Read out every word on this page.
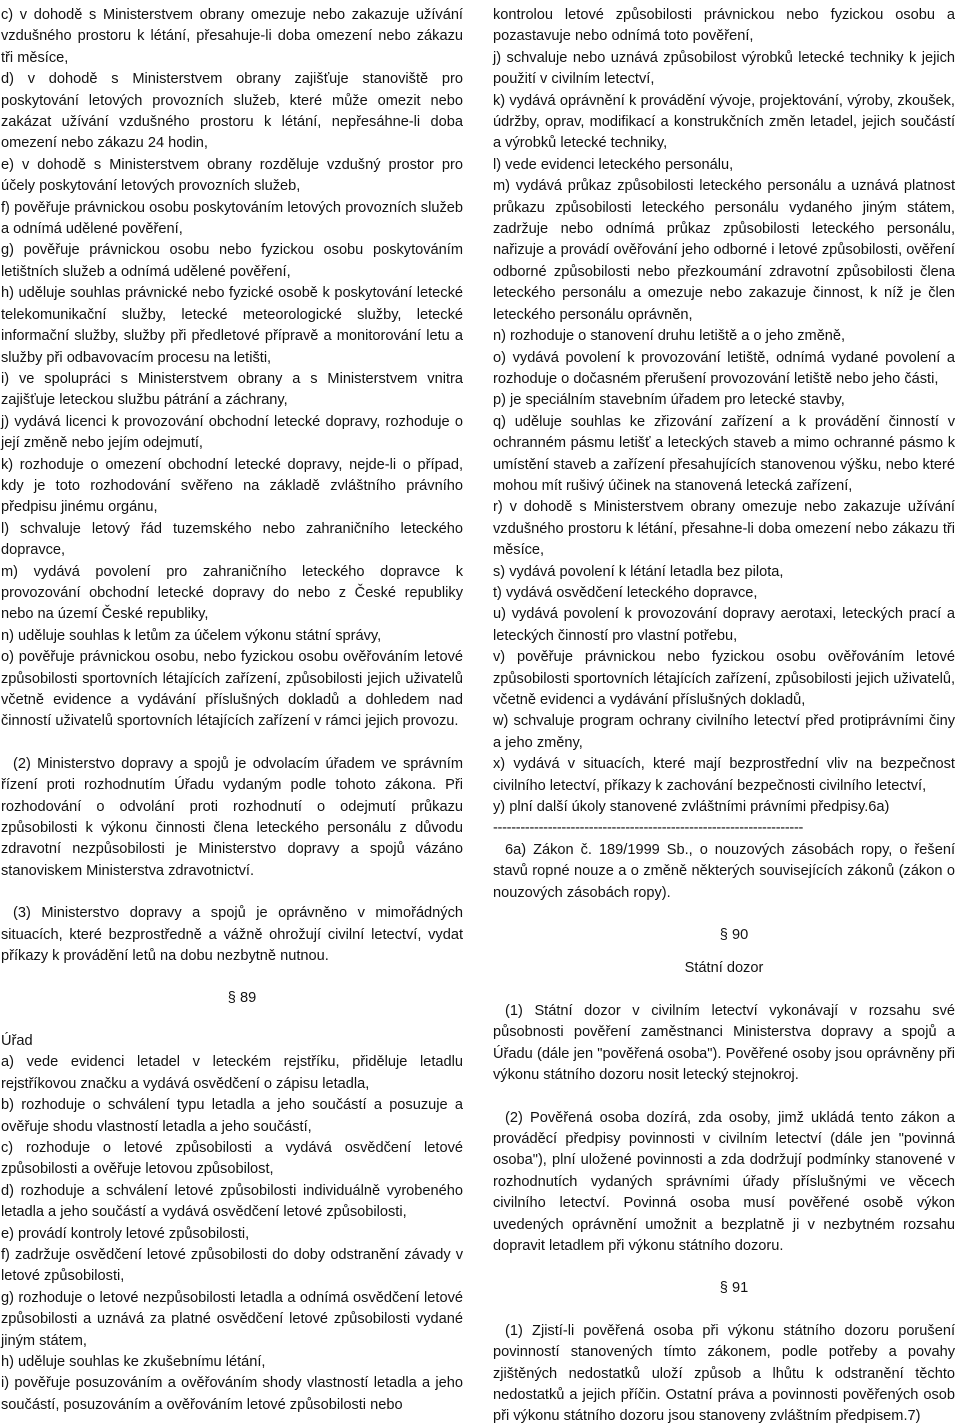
c) v dohodě s Ministerstvem obrany omezuje nebo zakazuje užívání vzdušného prostoru k létání, přesahuje-li doba omezení nebo zákazu tři měsíce,

d) v dohodě s Ministerstvem obrany zajišťuje stanoviště pro poskytování letových provozních služeb, které může omezit nebo zakázat užívání vzdušného prostoru k létání, nepřesáhne-li doba omezení nebo zákazu 24 hodin,

e) v dohodě s Ministerstvem obrany rozděluje vzdušný prostor pro účely poskytování letových provozních služeb,

f) pověřuje právnickou osobu poskytováním letových provozních služeb a odnímá udělené pověření,

g) pověřuje právnickou osobu nebo fyzickou osobu poskytováním letištních služeb a odnímá udělené pověření,

h) uděluje souhlas právnické nebo fyzické osobě k poskytování letecké telekomunikační služby, letecké meteorologické služby, letecké informační služby, služby při předletové přípravě a monitorování letu a služby při odbavovacím procesu na letišti,

i) ve spolupráci s Ministerstvem obrany a s Ministerstvem vnitra zajišťuje leteckou službu pátrání a záchrany,

j) vydává licenci k provozování obchodní letecké dopravy, rozhoduje o její změně nebo jejím odejmutí,

k) rozhoduje o omezení obchodní letecké dopravy, nejde-li o případ, kdy je toto rozhodování svěřeno na základě zvláštního právního předpisu jinému orgánu,

l) schvaluje letový řád tuzemského nebo zahraničního leteckého dopravce,

m) vydává povolení pro zahraničního leteckého dopravce k provozování obchodní letecké dopravy do nebo z České republiky nebo na území České republiky,

n) uděluje souhlas k letům za účelem výkonu státní správy,

o) pověřuje právnickou osobu, nebo fyzickou osobu ověřováním letové způsobilosti sportovních létajících zařízení, způsobilosti jejich uživatelů včetně evidence a vydávání příslušných dokladů a dohledem nad činností uživatelů sportovních létajících zařízení v rámci jejich provozu.

(2) Ministerstvo dopravy a spojů je odvolacím úřadem ve správním řízení proti rozhodnutím Úřadu vydaným podle tohoto zákona. Při rozhodování o odvolání proti rozhodnutí o odejmutí průkazu způsobilosti k výkonu činnosti člena leteckého personálu z důvodu zdravotní nezpůsobilosti je Ministerstvo dopravy a spojů vázáno stanoviskem Ministerstva zdravotnictví.

(3) Ministerstvo dopravy a spojů je oprávněno v mimořádných situacích, které bezprostředně a vážně ohrožují civilní letectví, vydat příkazy k provádění letů na dobu nezbytně nutnou.

§ 89

Úřad

a) vede evidenci letadel v leteckém rejstříku, přiděluje letadlu rejstříkovou značku a vydává osvědčení o zápisu letadla,

b) rozhoduje o schválení typu letadla a jeho součástí a posuzuje a ověřuje shodu vlastností letadla a jeho součástí,

c) rozhoduje o letové způsobilosti a vydává osvědčení letové způsobilosti a ověřuje letovou způsobilost,

d) rozhoduje a schválení letové způsobilosti individuálně vyrobeného letadla a jeho součástí a vydává osvědčení letové způsobilosti,

e) provádí kontroly letové způsobilosti,

f) zadržuje osvědčení letové způsobilosti do doby odstranění závady v letové způsobilosti,

g) rozhoduje o letové nezpůsobilosti letadla a odnímá osvědčení letové způsobilosti a uznává za platné osvědčení letové způsobilosti vydané jiným státem,

h) uděluje souhlas ke zkušebnímu létání,

i) pověřuje posuzováním a ověřováním shody vlastností letadla a jeho součástí, posuzováním a ověřováním letové způsobilosti nebo

kontrolou letové způsobilosti právnickou nebo fyzickou osobu a pozastavuje nebo odnímá toto pověření,

j) schvaluje nebo uznává způsobilost výrobků letecké techniky k jejich použití v civilním letectví,

k) vydává oprávnění k provádění vývoje, projektování, výroby, zkoušek, údržby, oprav, modifikací a konstrukčních změn letadel, jejich součástí a výrobků letecké techniky,

l) vede evidenci leteckého personálu,

m) vydává průkaz způsobilosti leteckého personálu a uznává platnost průkazu způsobilosti leteckého personálu vydaného jiným státem, zadržuje nebo odnímá průkaz způsobilosti leteckého personálu, nařizuje a provádí ověřování jeho odborné i letové způsobilosti, ověření odborné způsobilosti nebo přezkoumání zdravotní způsobilosti člena leteckého personálu a omezuje nebo zakazuje činnost, k níž je člen leteckého personálu oprávněn,

n) rozhoduje o stanovení druhu letiště a o jeho změně,

o) vydává povolení k provozování letiště, odnímá vydané povolení a rozhoduje o dočasném přerušení provozování letiště nebo jeho části,

p) je speciálním stavebním úřadem pro letecké stavby,

q) uděluje souhlas ke zřizování zařízení a k provádění činností v ochranném pásmu letišť a leteckých staveb a mimo ochranné pásmo k umístění staveb a zařízení přesahujících stanovenou výšku, nebo které mohou mít rušivý účinek na stanovená letecká zařízení,

r) v dohodě s Ministerstvem obrany omezuje nebo zakazuje užívání vzdušného prostoru k létání, přesahne-li doba omezení nebo zákazu tři měsíce,

s) vydává povolení k létání letadla bez pilota,

t) vydává osvědčení leteckého dopravce,

u) vydává povolení k provozování dopravy aerotaxi, leteckých prací a leteckých činností pro vlastní potřebu,

v) pověřuje právnickou nebo fyzickou osobu ověřováním letové způsobilosti sportovních létajících zařízení, způsobilosti jejich uživatelů, včetně evidenci a vydávání příslušných dokladů,

w) schvaluje program ochrany civilního letectví před protiprávními činy a jeho změny,

x) vydává v situacích, které mají bezprostřední vliv na bezpečnost civilního letectví, příkazy k zachování bezpečnosti civilního letectví,

y) plní další úkoly stanovené zvláštními právními předpisy.6a)

--------------------------------------------------------------------

6a) Zákon č. 189/1999 Sb., o nouzových zásobách ropy, o řešení stavů ropné nouze a o změně některých souvisejících zákonů (zákon o nouzových zásobách ropy).

§ 90

Státní dozor

(1) Státní dozor v civilním letectví vykonávají v rozsahu své působnosti pověření zaměstnanci Ministerstva dopravy a spojů a Úřadu (dále jen "pověřená osoba"). Pověřené osoby jsou oprávněny při výkonu státního dozoru nosit letecký stejnokroj.

(2) Pověřená osoba dozírá, zda osoby, jimž ukládá tento zákon a prováděcí předpisy povinnosti v civilním letectví (dále jen "povinná osoba"), plní uložené povinnosti a zda dodržují podmínky stanovené v rozhodnutích vydaných správními úřady příslušnými ve věcech civilního letectví. Povinná osoba musí pověřené osobě výkon uvedených oprávnění umožnit a bezplatně ji v nezbytném rozsahu dopravit letadlem při výkonu státního dozoru.

§ 91

(1) Zjistí-li pověřená osoba při výkonu státního dozoru porušení povinností stanovených tímto zákonem, podle potřeby a povahy zjištěných nedostatků uloží způsob a lhůtu k odstranění těchto nedostatků a jejich příčin. Ostatní práva a povinnosti pověřených osob při výkonu státního dozoru jsou stanoveny zvláštním předpisem.7)
